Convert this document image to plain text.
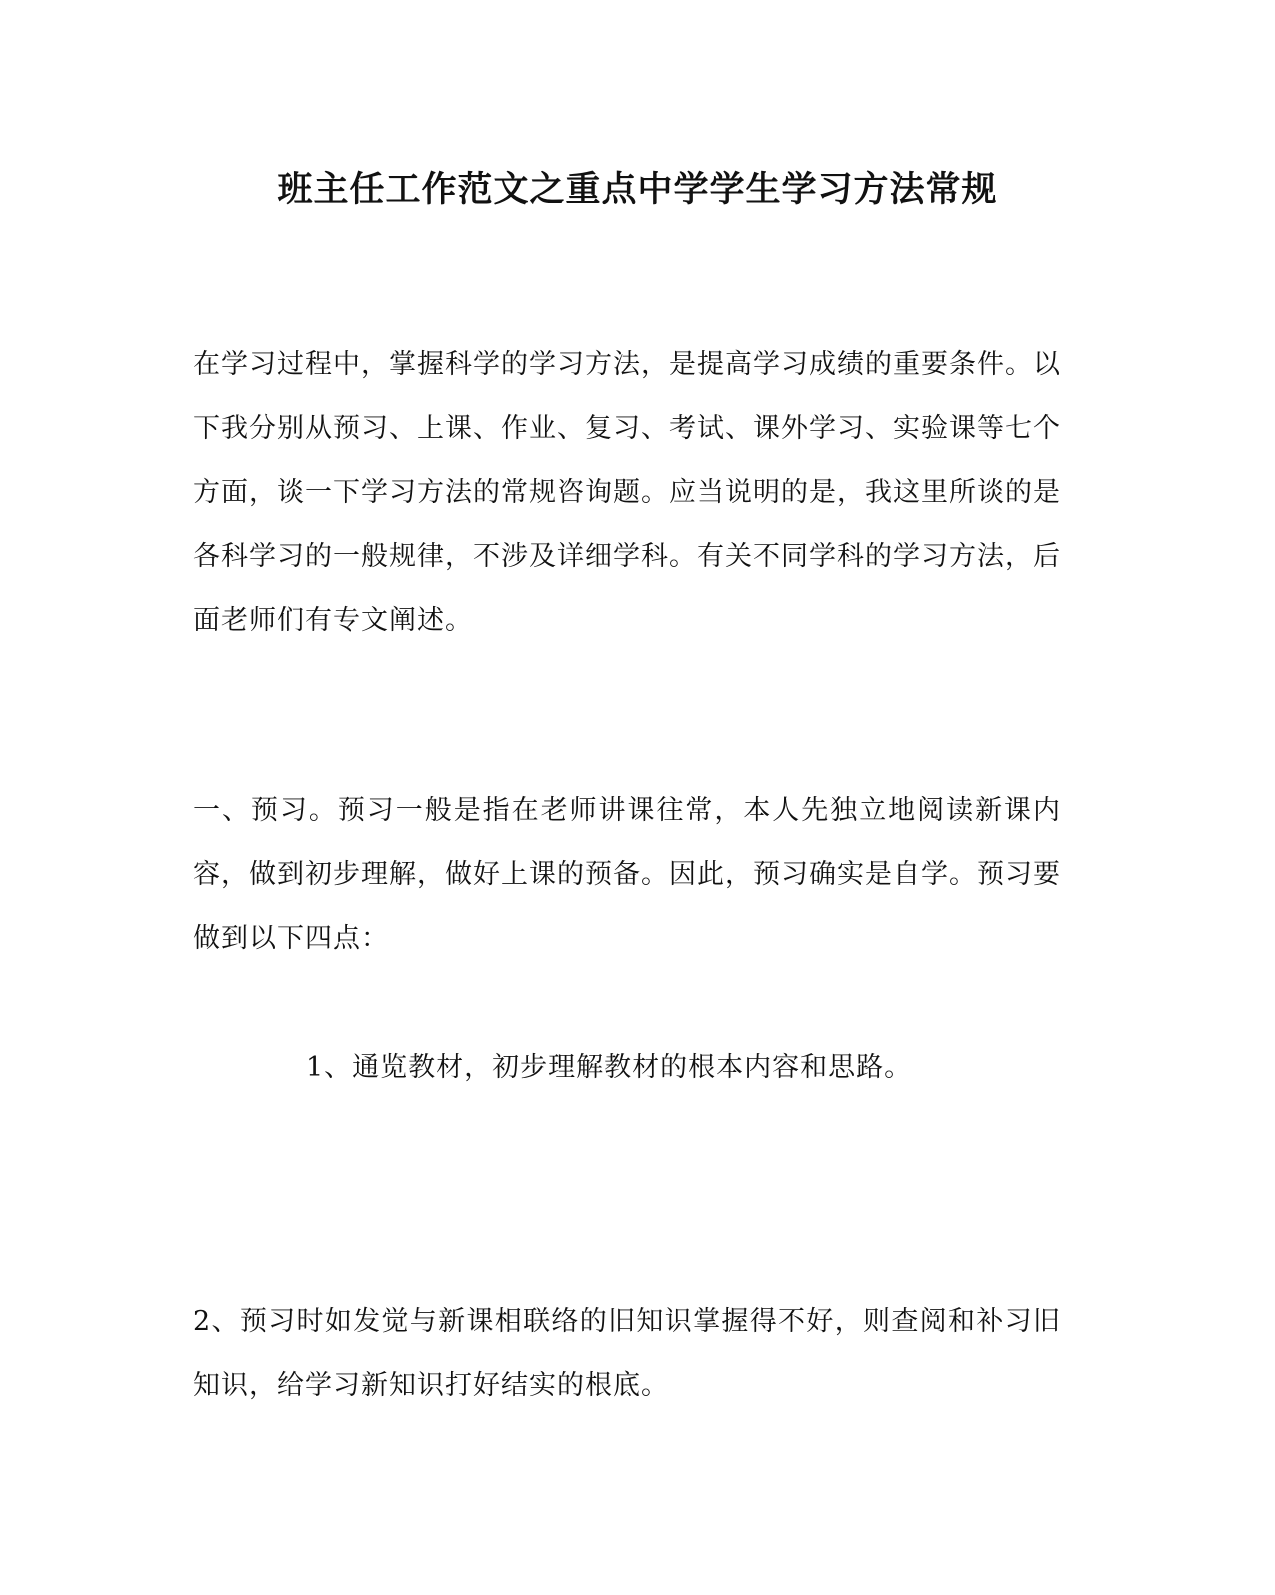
班主任工作范文之重点中学学生学习方法常规

在学习过程中，掌握科学的学习方法，是提高学习成绩的重要条件。以下我分别从预习、上课、作业、复习、考试、课外学习、实验课等七个方面，谈一下学习方法的常规咨询题。应当说明的是，我这里所谈的是各科学习的一般规律，不涉及详细学科。有关不同学科的学习方法，后面老师们有专文阐述。

一、预习。预习一般是指在老师讲课往常，本人先独立地阅读新课内容，做到初步理解，做好上课的预备。因此，预习确实是自学。预习要做到以下四点：

1、通览教材，初步理解教材的根本内容和思路。

2、预习时如发觉与新课相联络的旧知识掌握得不好，则查阅和补习旧知识，给学习新知识打好结实的根底。
